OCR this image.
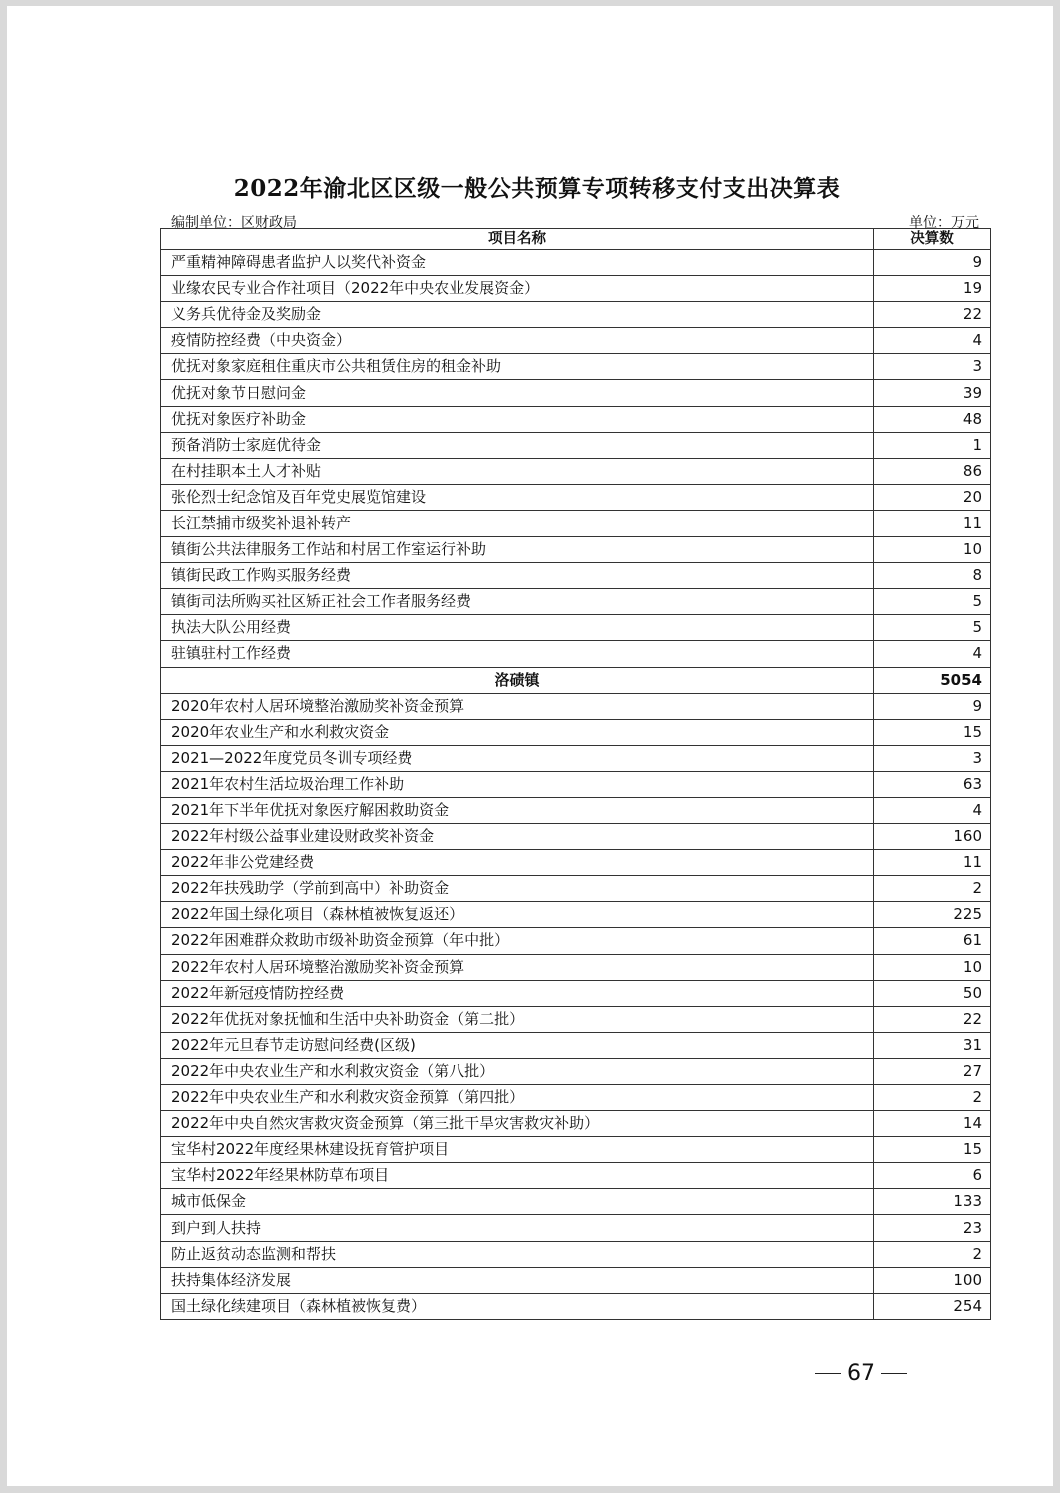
2022年渝北区区级一般公共预算专项转移支付支出决算表
编制单位：区财政局	单位：万元
项目名称	决算数
严重精神障碍患者监护人以奖代补资金	9
业缘农民专业合作社项目（2022年中央农业发展资金）	19
义务兵优待金及奖励金	22
疫情防控经费（中央资金）	4
优抚对象家庭租住重庆市公共租赁住房的租金补助	3
优抚对象节日慰问金	39
优抚对象医疗补助金	48
预备消防士家庭优待金	1
在村挂职本土人才补贴	86
张伦烈士纪念馆及百年党史展览馆建设	20
长江禁捕市级奖补退补转产	11
镇街公共法律服务工作站和村居工作室运行补助	10
镇街民政工作购买服务经费	8
镇街司法所购买社区矫正社会工作者服务经费	5
执法大队公用经费	5
驻镇驻村工作经费	4
洛碛镇	5054
2020年农村人居环境整治激励奖补资金预算	9
2020年农业生产和水利救灾资金	15
2021—2022年度党员冬训专项经费	3
2021年农村生活垃圾治理工作补助	63
2021年下半年优抚对象医疗解困救助资金	4
2022年村级公益事业建设财政奖补资金	160
2022年非公党建经费	11
2022年扶残助学（学前到高中）补助资金	2
2022年国土绿化项目（森林植被恢复返还）	225
2022年困难群众救助市级补助资金预算（年中批）	61
2022年农村人居环境整治激励奖补资金预算	10
2022年新冠疫情防控经费	50
2022年优抚对象抚恤和生活中央补助资金（第二批）	22
2022年元旦春节走访慰问经费(区级)	31
2022年中央农业生产和水利救灾资金（第八批）	27
2022年中央农业生产和水利救灾资金预算（第四批）	2
2022年中央自然灾害救灾资金预算（第三批干旱灾害救灾补助）	14
宝华村2022年度经果林建设抚育管护项目	15
宝华村2022年经果林防草布项目	6
城市低保金	133
到户到人扶持	23
防止返贫动态监测和帮扶	2
扶持集体经济发展	100
国土绿化续建项目（森林植被恢复费）	254
67
